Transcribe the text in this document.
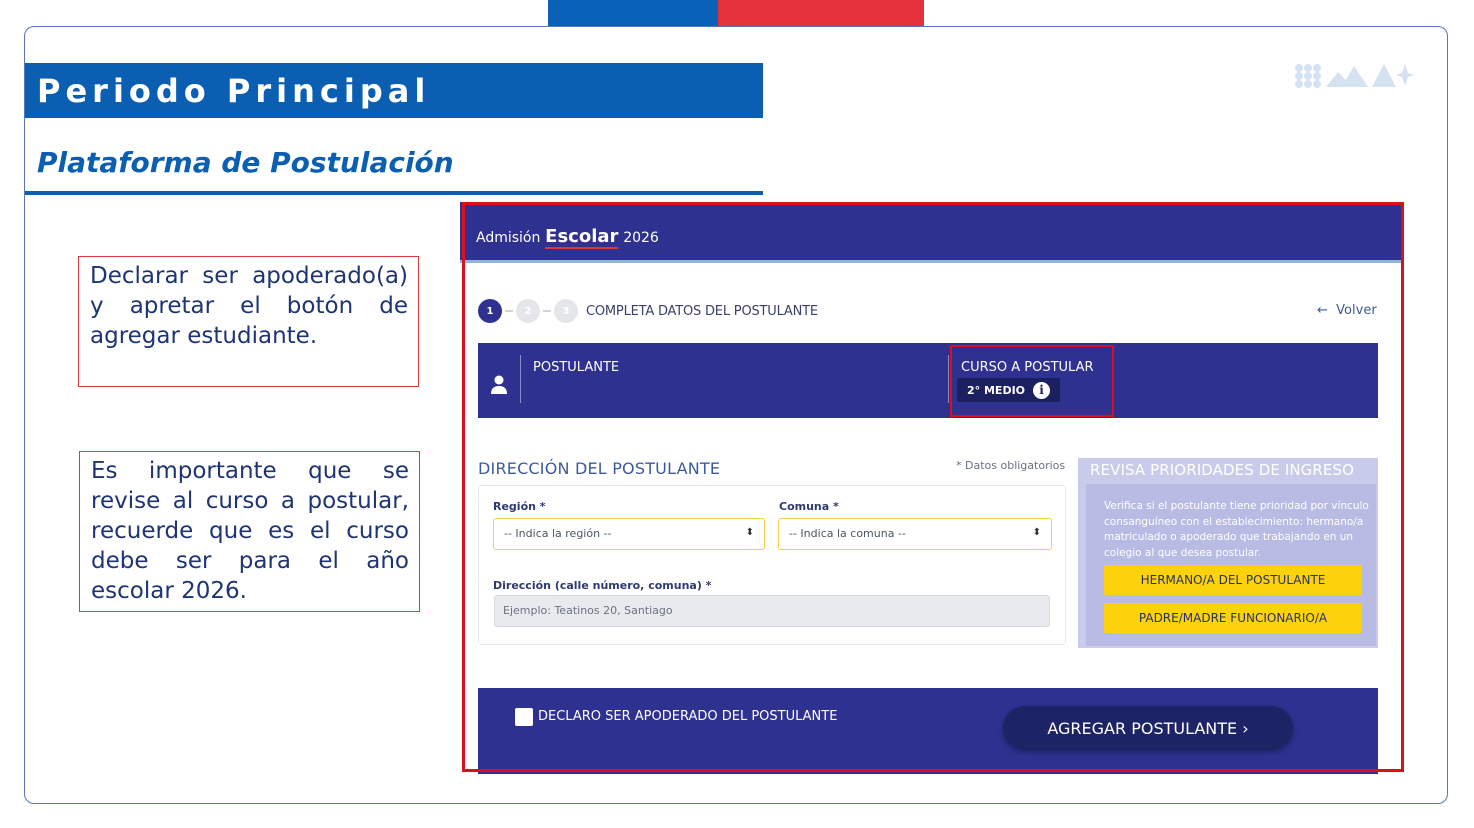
Periodo Principal
Plataforma de Postulación
Declarar ser apoderado(a) y apretar el botón de agregar estudiante.
Es importante que se revise al curso a postular, recuerde que es el curso debe ser para el año escolar 2026.
Admisión Escolar 2026
1	2	3	COMPLETA DATOS DEL POSTULANTE	← Volver
POSTULANTE	CURSO A POSTULAR
2° MEDIO	i
DIRECCIÓN DEL POSTULANTE	* Datos obligatorios
Región *
-- Indica la región --	⬍
Comuna *
-- Indica la comuna --	⬍
Dirección (calle número, comuna) *
Ejemplo: Teatinos 20, Santiago
REVISA PRIORIDADES DE INGRESO
Verifica si el postulante tiene prioridad por vínculo consanguíneo con el establecimiento: hermano/a matriculado o apoderado que trabajando en un colegio al que desea postular.
HERMANO/A DEL POSTULANTE
PADRE/MADRE FUNCIONARIO/A
DECLARO SER APODERADO DEL POSTULANTE
AGREGAR POSTULANTE ›
